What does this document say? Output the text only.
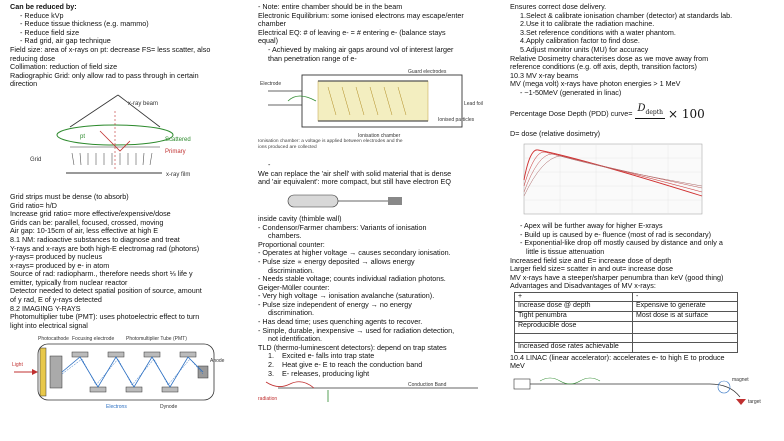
Can be reduced by:
- Reduce kVp
- Reduce tissue thickness (e.g. mammo)
- Reduce field size
- Rad grid, air gap technique
Field size: area of x-rays on pt: decrease FS= less scatter, also
reducing dose
Collimation: reduction of field size
Radiographic Grid: only allow rad to pass through in certain
direction
x-ray beam
pt
Grid
x-ray film
Scattered
Primary
Grid strips must be dense (to absorb)
Grid ratio= h/D
Increase grid ratio= more effective/expensive/dose
Grids can be: parallel, focused, crossed, moving
Air gap: 10-15cm of air, less effective at high E
8.1 NM: radioactive substances to diagnose and treat
Y-rays and x-rays are both high-E electromag rad (photons)
y-rays= produced by nucleus
x-rays= produced by e- in atom
Source of rad: radiopharm., therefore needs short ⅓ life y
emitter, typically from nuclear reactor
Detector needed to detect spatial position of source, amount
of y rad, E of y-rays detected
8.2 IMAGING Y-RAYS
Photomultiplier tube (PMT): uses photoelectric effect to turn
light into electrical signal
Photocathode Focusing electrode Photomultiplier Tube (PMT)
Anode
Electrons	Dynode
Light
- Note: entire chamber should be in the beam
Electronic Equilibrium: some ionised electrons may escape/enter
chamber
Electrical EQ: # of leaving e- = # entering e- (balance stays
equal)
- Achieved by making air gaps around vol of interest larger
than penetration range of e-
Electrode
Guard electrodes
Lead foil
Ionisation chamber
Ionised particles
Ionisation chamber: a voltage is applied between electrodes and the ions produced are collected
-
We can replace the 'air shell' with solid material that is dense
and 'air equivalent': more compact, but still have electron EQ
inside cavity (thimble wall)
- Condensor/Farmer chambers: Variants of ionisation
chambers.
Proportional counter:
- Operates at higher voltage → causes secondary ionisation.
- Pulse size ∝ energy deposited → allows energy
discrimination.
- Needs stable voltage; counts individual radiation photons.
Geiger-Müller counter:
- Very high voltage → ionisation avalanche (saturation).
- Pulse size independent of energy → no energy
discrimination.
- Has dead time; uses quenching agents to recover.
- Simple, durable, inexpensive → used for radiation detection,
not identification.
TLD (thermo-luminescent detectors): depend on trap states
1. Excited e- falls into trap state
2. Heat give e- E to reach the conduction band
3. E- releases, producing light
radiation
Conduction Band
Ensures correct dose delivery.
1.Select & calibrate ionisation chamber (detector) at standards lab.
2.Use it to calibrate the radiation machine.
3.Set reference conditions with a water phantom.
4.Apply calibration factor to find dose.
5.Adjust monitor units (MU) for accuracy
Relative Dosimetry characterises dose as we move away from
reference conditions (e.g. off axis, depth, transition factors)
10.3 MV x-ray beams
MV (mega volt) x-rays have photon energies > 1 MeV
- ~1-50MeV (generated in linac)
Percentage Dose Depth (PDD) curve=
$D_{depth} \times 100$
D= dose (relative dosimetry)
- Apex will be further away for higher E-xrays
- Build up is caused by e- fluence (most of rad is secondary)
- Exponential-like drop off mostly caused by distance and only a
little is tissue attenuation
Increased field size and E= increase dose of depth
Larger field size= scatter in and out= increase dose
MV x-rays have a steeper/sharper penumbra than keV (good thing)
Advantages and Disadvantages of MV x-rays:
+	-
Increase dose @ depth	Expensive to generate
Tight penumbra	Most dose is at surface
Reproducible dose	

Increased dose rates achievable	
10.4 LINAC (linear accelerator): accelerates e- to high E to produce
MeV
target
magnet
